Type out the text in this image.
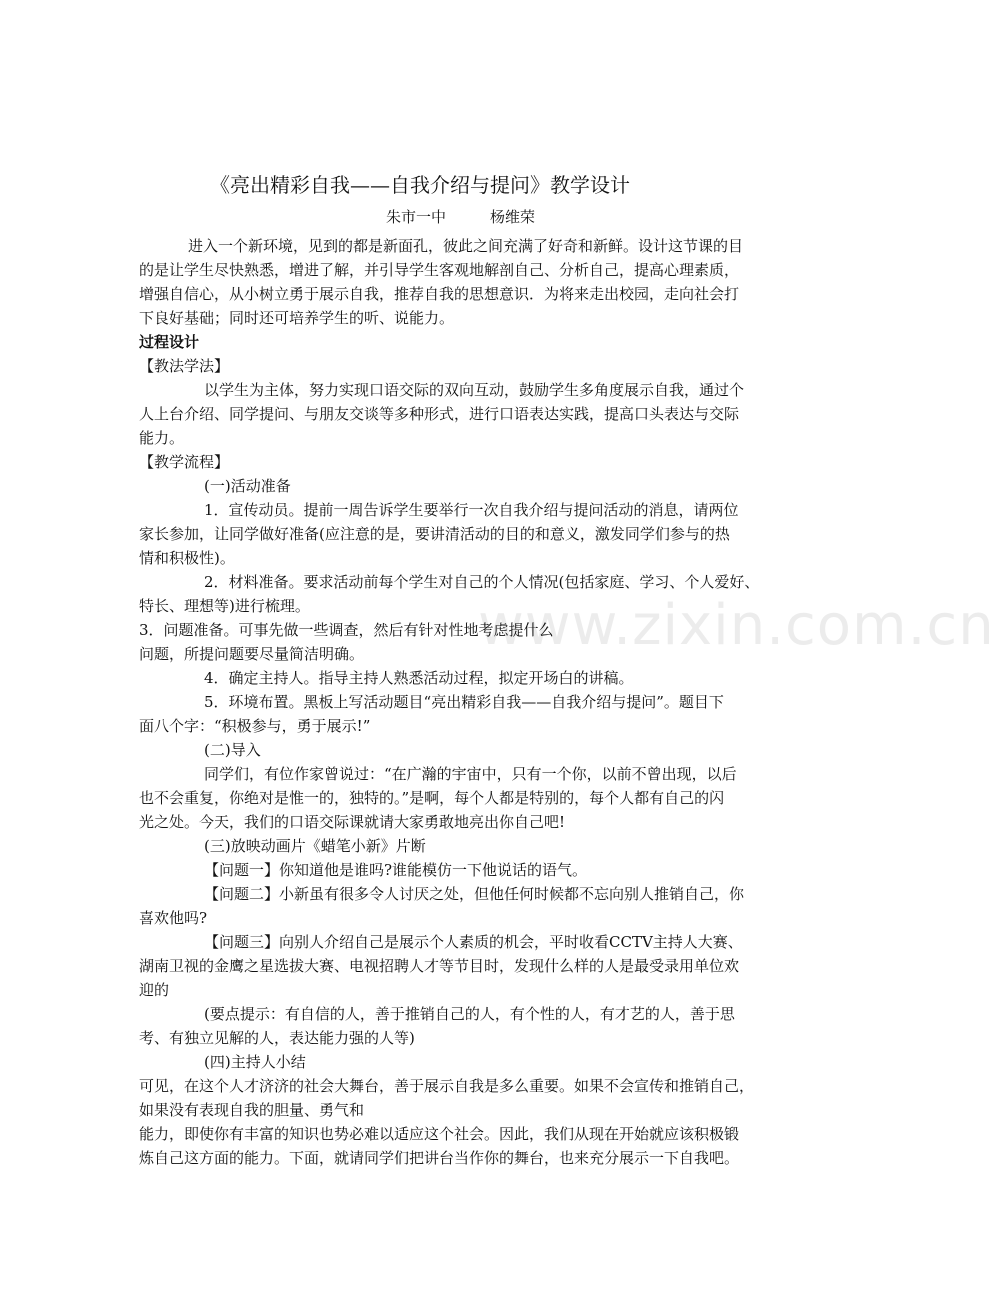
www.zixin.com.cn
《亮出精彩自我——自我介绍与提问》教学设计
朱市一中	杨维荣
进入一个新环境，见到的都是新面孔，彼此之间充满了好奇和新鲜。设计这节课的目
的是让学生尽快熟悉，增进了解，并引导学生客观地解剖自己、分析自己，提高心理素质，
增强自信心，从小树立勇于展示自我，推荐自我的思想意识．为将来走出校园，走向社会打
下良好基础；同时还可培养学生的听、说能力。
过程设计
【教法学法】
以学生为主体，努力实现口语交际的双向互动，鼓励学生多角度展示自我，通过个
人上台介绍、同学提问、与朋友交谈等多种形式，进行口语表达实践，提高口头表达与交际
能力。
【教学流程】
(一)活动准备
1．宣传动员。提前一周告诉学生要举行一次自我介绍与提问活动的消息，请两位
家长参加，让同学做好准备(应注意的是，要讲清活动的目的和意义，激发同学们参与的热
情和积极性)。
2．材料准备。要求活动前每个学生对自己的个人情况(包括家庭、学习、个人爱好、
特长、理想等)进行梳理。
3．问题准备。可事先做一些调查，然后有针对性地考虑提什么
问题，所提问题要尽量简洁明确。
4．确定主持人。指导主持人熟悉活动过程，拟定开场白的讲稿。
5．环境布置。黑板上写活动题目“亮出精彩自我——自我介绍与提问”。题目下
面八个字：“积极参与，勇于展示!”
(二)导入
同学们，有位作家曾说过：“在广瀚的宇宙中，只有一个你，以前不曾出现，以后
也不会重复，你绝对是惟一的，独特的。”是啊，每个人都是特别的，每个人都有自己的闪
光之处。今天，我们的口语交际课就请大家勇敢地亮出你自己吧!
(三)放映动画片《蜡笔小新》片断
【问题一】你知道他是谁吗?谁能模仿一下他说话的语气。
【问题二】小新虽有很多令人讨厌之处，但他任何时候都不忘向别人推销自己，你
喜欢他吗?
【问题三】向别人介绍自己是展示个人素质的机会，平时收看CCTV主持人大赛、
湖南卫视的金鹰之星选拔大赛、电视招聘人才等节目时，发现什么样的人是最受录用单位欢
迎的
(要点提示：有自信的人，善于推销自己的人，有个性的人，有才艺的人，善于思
考、有独立见解的人，表达能力强的人等)
(四)主持人小结
可见，在这个人才济济的社会大舞台，善于展示自我是多么重要。如果不会宣传和推销自己，
如果没有表现自我的胆量、勇气和
能力，即使你有丰富的知识也势必难以适应这个社会。因此，我们从现在开始就应该积极锻
炼自己这方面的能力。下面，就请同学们把讲台当作你的舞台，也来充分展示一下自我吧。
